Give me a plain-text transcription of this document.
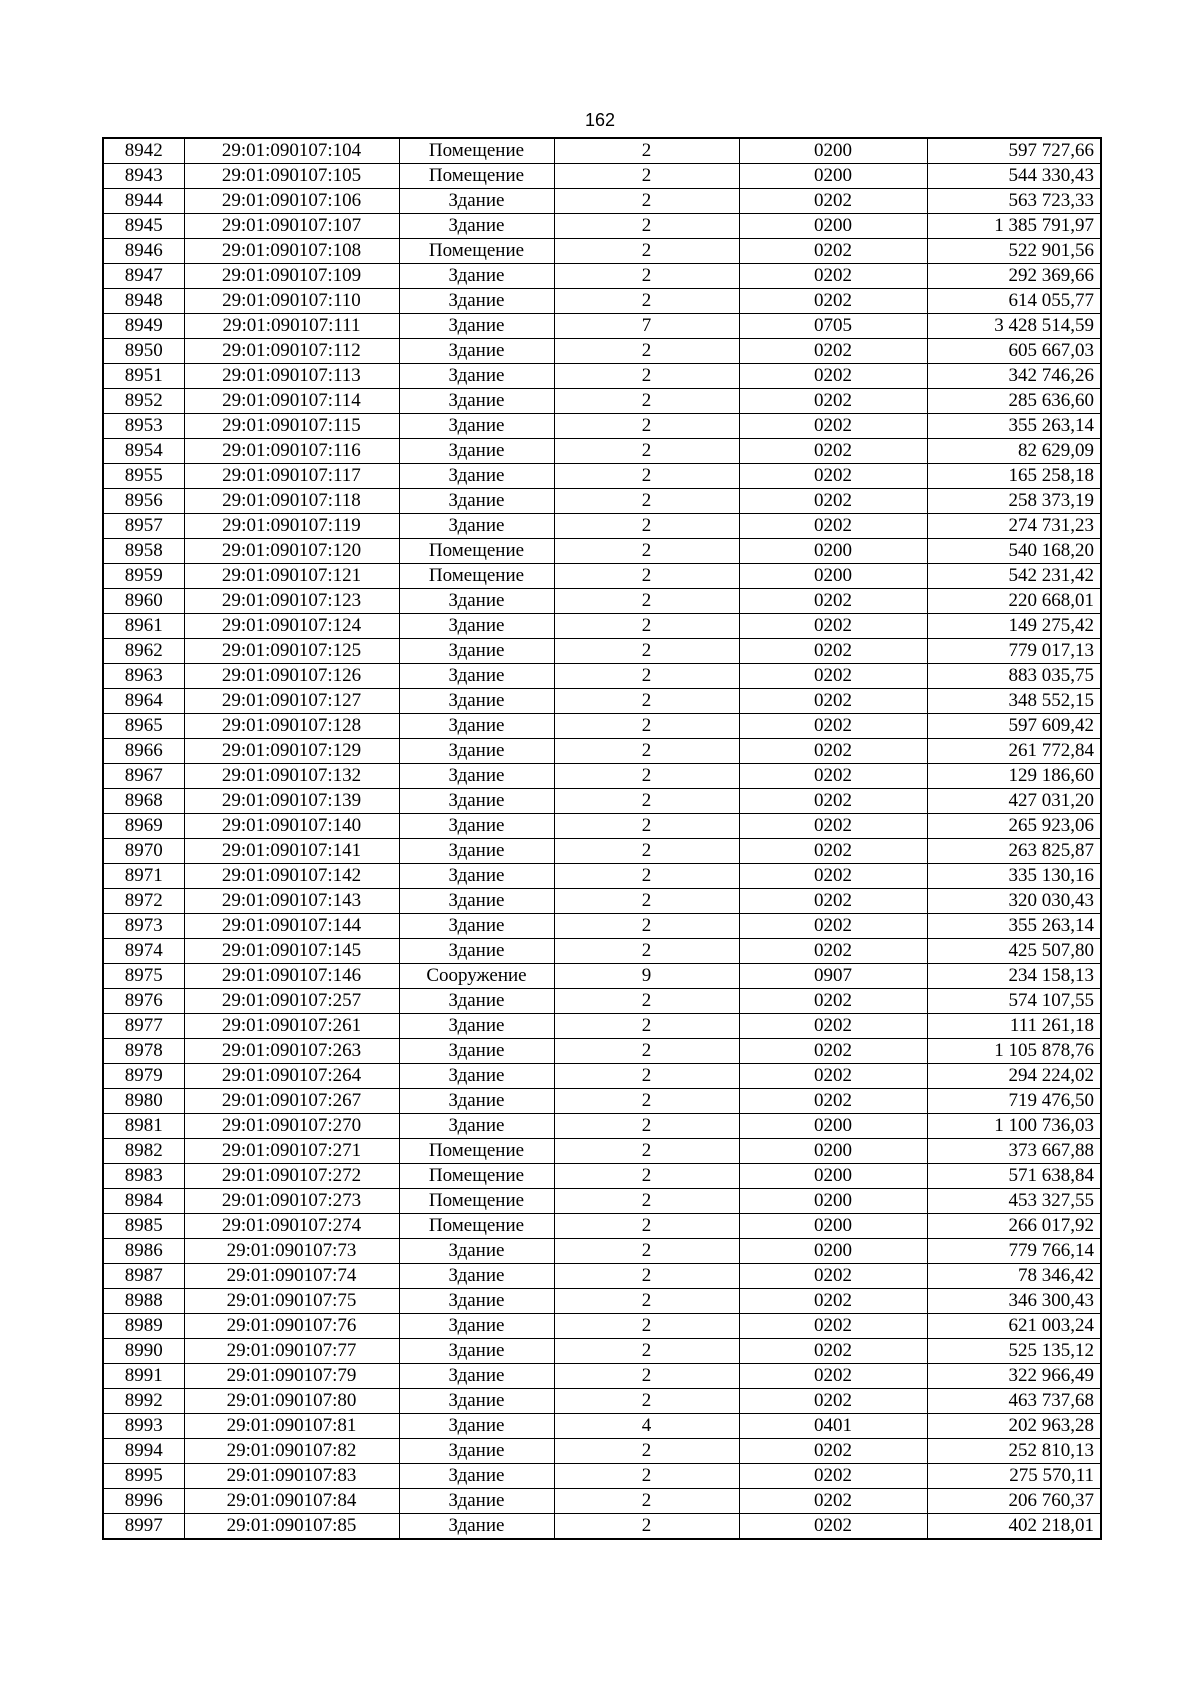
162
8942	29:01:090107:104	Помещение	2	0200	597 727,66
8943	29:01:090107:105	Помещение	2	0200	544 330,43
8944	29:01:090107:106	Здание	2	0202	563 723,33
8945	29:01:090107:107	Здание	2	0200	1 385 791,97
8946	29:01:090107:108	Помещение	2	0202	522 901,56
8947	29:01:090107:109	Здание	2	0202	292 369,66
8948	29:01:090107:110	Здание	2	0202	614 055,77
8949	29:01:090107:111	Здание	7	0705	3 428 514,59
8950	29:01:090107:112	Здание	2	0202	605 667,03
8951	29:01:090107:113	Здание	2	0202	342 746,26
8952	29:01:090107:114	Здание	2	0202	285 636,60
8953	29:01:090107:115	Здание	2	0202	355 263,14
8954	29:01:090107:116	Здание	2	0202	82 629,09
8955	29:01:090107:117	Здание	2	0202	165 258,18
8956	29:01:090107:118	Здание	2	0202	258 373,19
8957	29:01:090107:119	Здание	2	0202	274 731,23
8958	29:01:090107:120	Помещение	2	0200	540 168,20
8959	29:01:090107:121	Помещение	2	0200	542 231,42
8960	29:01:090107:123	Здание	2	0202	220 668,01
8961	29:01:090107:124	Здание	2	0202	149 275,42
8962	29:01:090107:125	Здание	2	0202	779 017,13
8963	29:01:090107:126	Здание	2	0202	883 035,75
8964	29:01:090107:127	Здание	2	0202	348 552,15
8965	29:01:090107:128	Здание	2	0202	597 609,42
8966	29:01:090107:129	Здание	2	0202	261 772,84
8967	29:01:090107:132	Здание	2	0202	129 186,60
8968	29:01:090107:139	Здание	2	0202	427 031,20
8969	29:01:090107:140	Здание	2	0202	265 923,06
8970	29:01:090107:141	Здание	2	0202	263 825,87
8971	29:01:090107:142	Здание	2	0202	335 130,16
8972	29:01:090107:143	Здание	2	0202	320 030,43
8973	29:01:090107:144	Здание	2	0202	355 263,14
8974	29:01:090107:145	Здание	2	0202	425 507,80
8975	29:01:090107:146	Сооружение	9	0907	234 158,13
8976	29:01:090107:257	Здание	2	0202	574 107,55
8977	29:01:090107:261	Здание	2	0202	111 261,18
8978	29:01:090107:263	Здание	2	0202	1 105 878,76
8979	29:01:090107:264	Здание	2	0202	294 224,02
8980	29:01:090107:267	Здание	2	0202	719 476,50
8981	29:01:090107:270	Здание	2	0200	1 100 736,03
8982	29:01:090107:271	Помещение	2	0200	373 667,88
8983	29:01:090107:272	Помещение	2	0200	571 638,84
8984	29:01:090107:273	Помещение	2	0200	453 327,55
8985	29:01:090107:274	Помещение	2	0200	266 017,92
8986	29:01:090107:73	Здание	2	0200	779 766,14
8987	29:01:090107:74	Здание	2	0202	78 346,42
8988	29:01:090107:75	Здание	2	0202	346 300,43
8989	29:01:090107:76	Здание	2	0202	621 003,24
8990	29:01:090107:77	Здание	2	0202	525 135,12
8991	29:01:090107:79	Здание	2	0202	322 966,49
8992	29:01:090107:80	Здание	2	0202	463 737,68
8993	29:01:090107:81	Здание	4	0401	202 963,28
8994	29:01:090107:82	Здание	2	0202	252 810,13
8995	29:01:090107:83	Здание	2	0202	275 570,11
8996	29:01:090107:84	Здание	2	0202	206 760,37
8997	29:01:090107:85	Здание	2	0202	402 218,01
